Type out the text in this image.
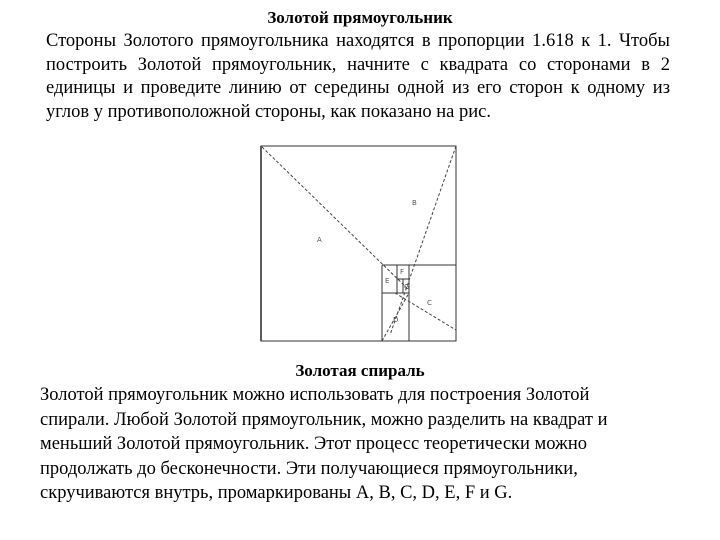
A
B
C
D
E
F
G
Золотой прямоугольник
Стороны Золотого прямоугольника находятся в пропорции 1.618 к 1. Чтобы построить Золотой прямоугольник, начните с квадрата со сторонами в 2 единицы и проведите линию от середины одной из его сторон к одному из углов у противоположной стороны, как показано на рис.
Золотая спираль
Золотой прямоугольник можно использовать для построения Золотой
спирали. Любой Золотой прямоугольник, можно разделить на квадрат и
меньший Золотой прямоугольник. Этот процесс теоретически можно
продолжать до бесконечности. Эти получающиеся прямоугольники,
скручиваются внутрь, промаркированы A, B, C, D, E, F и G.
